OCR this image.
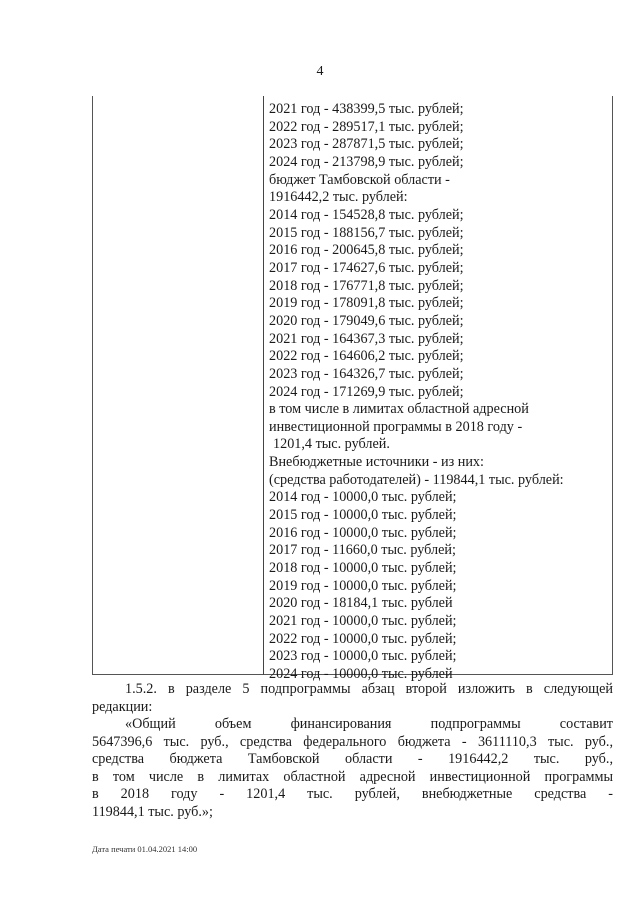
4
2021 год - 438399,5 тыс. рублей;
2022 год - 289517,1 тыс. рублей;
2023 год - 287871,5 тыс. рублей;
2024 год - 213798,9 тыс. рублей;
бюджет Тамбовской области -
1916442,2 тыс. рублей:
2014 год - 154528,8 тыс. рублей;
2015 год - 188156,7 тыс. рублей;
2016 год - 200645,8 тыс. рублей;
2017 год - 174627,6 тыс. рублей;
2018 год - 176771,8 тыс. рублей;
2019 год - 178091,8 тыс. рублей;
2020 год - 179049,6 тыс. рублей;
2021 год - 164367,3 тыс. рублей;
2022 год - 164606,2 тыс. рублей;
2023 год - 164326,7 тыс. рублей;
2024 год - 171269,9 тыс. рублей;
в том числе в лимитах областной адресной
инвестиционной программы в 2018 году -
1201,4 тыс. рублей.
Внебюджетные источники - из них:
(средства работодателей) - 119844,1 тыс. рублей:
2014 год - 10000,0 тыс. рублей;
2015 год - 10000,0 тыс. рублей;
2016 год - 10000,0 тыс. рублей;
2017 год - 11660,0 тыс. рублей;
2018 год - 10000,0 тыс. рублей;
2019 год - 10000,0 тыс. рублей;
2020 год - 18184,1 тыс. рублей
2021 год - 10000,0 тыс. рублей;
2022 год - 10000,0 тыс. рублей;
2023 год - 10000,0 тыс. рублей;
2024 год - 10000,0 тыс. рублей
1.5.2. в разделе 5 подпрограммы абзац второй изложить в следующей
редакции:
«Общий объем финансирования подпрограммы составит
5647396,6 тыс. руб., средства федерального бюджета - 3611110,3 тыс. руб.,
средства бюджета Тамбовской области - 1916442,2 тыс. руб.,
в том числе в лимитах областной адресной инвестиционной программы
в 2018 году - 1201,4 тыс. рублей, внебюджетные средства -
119844,1 тыс. руб.»;
Дата печати 01.04.2021 14:00
